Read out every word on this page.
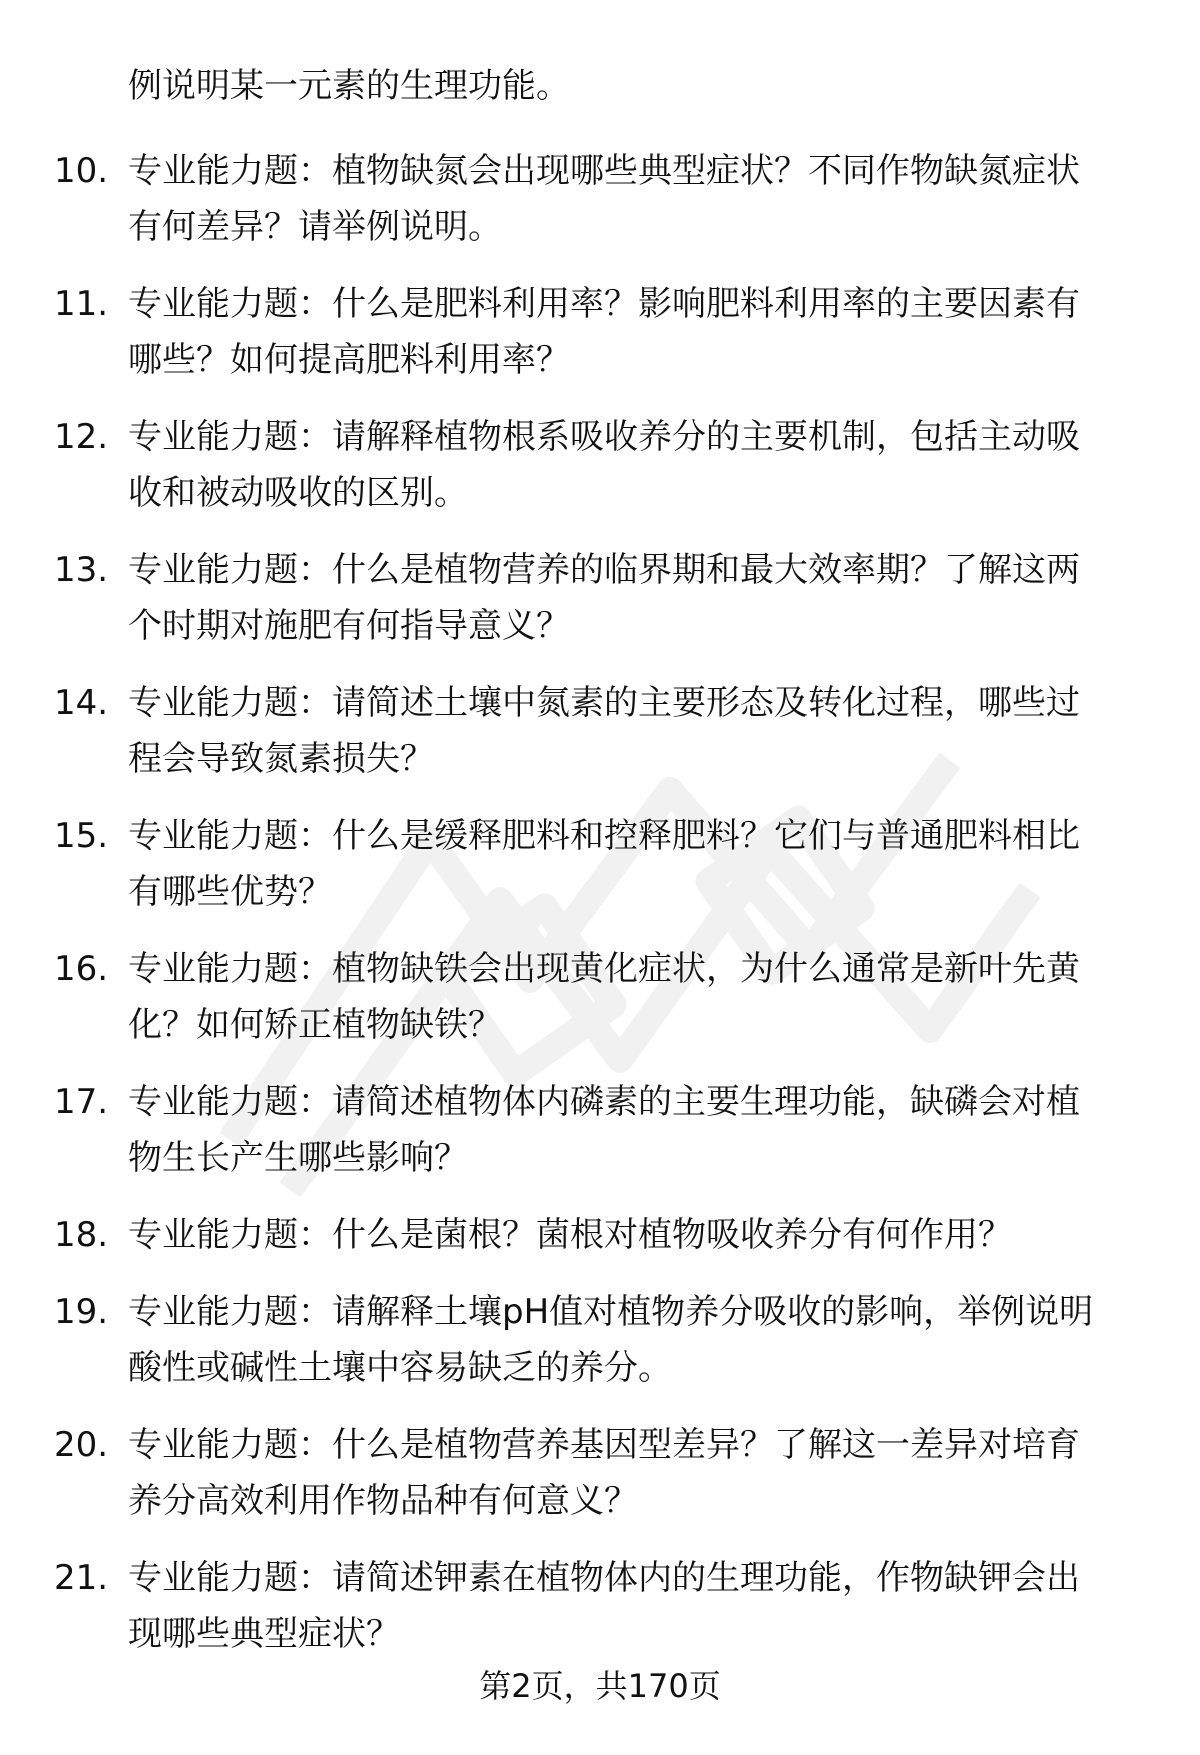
例说明某一元素的生理功能。
10. 专业能力题：植物缺氮会出现哪些典型症状？不同作物缺氮症状
有何差异？请举例说明。
11. 专业能力题：什么是肥料利用率？影响肥料利用率的主要因素有
哪些？如何提高肥料利用率？
12. 专业能力题：请解释植物根系吸收养分的主要机制，包括主动吸
收和被动吸收的区别。
13. 专业能力题：什么是植物营养的临界期和最大效率期？了解这两
个时期对施肥有何指导意义？
14. 专业能力题：请简述土壤中氮素的主要形态及转化过程，哪些过
程会导致氮素损失？
15. 专业能力题：什么是缓释肥料和控释肥料？它们与普通肥料相比
有哪些优势？
16. 专业能力题：植物缺铁会出现黄化症状，为什么通常是新叶先黄
化？如何矫正植物缺铁？
17. 专业能力题：请简述植物体内磷素的主要生理功能，缺磷会对植
物生长产生哪些影响？
18. 专业能力题：什么是菌根？菌根对植物吸收养分有何作用？
19. 专业能力题：请解释土壤pH值对植物养分吸收的影响，举例说明
酸性或碱性土壤中容易缺乏的养分。
20. 专业能力题：什么是植物营养基因型差异？了解这一差异对培育
养分高效利用作物品种有何意义？
21. 专业能力题：请简述钾素在植物体内的生理功能，作物缺钾会出
现哪些典型症状？
第2页，共170页
